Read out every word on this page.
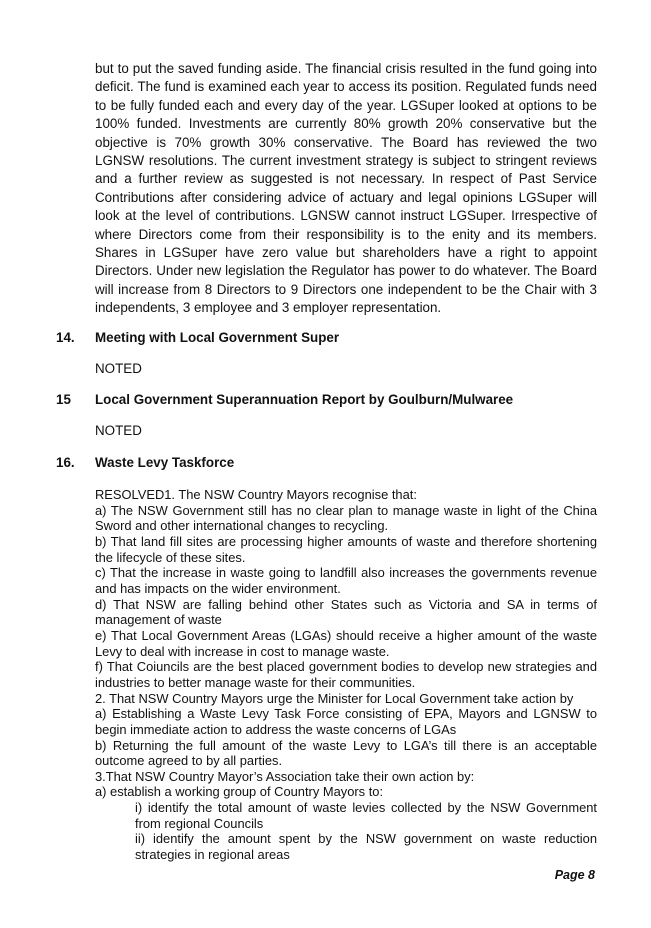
but to put the saved funding aside. The financial crisis resulted in the fund going into deficit. The fund is examined each year to access its position. Regulated funds need to be fully funded each and every day of the year. LGSuper looked at options to be 100% funded. Investments are currently 80% growth 20% conservative but the objective is 70% growth 30% conservative. The Board has reviewed the two LGNSW resolutions. The current investment strategy is subject to stringent reviews and a further review as suggested is not necessary. In respect of Past Service Contributions after considering advice of actuary and legal opinions LGSuper will look at the level of contributions. LGNSW cannot instruct LGSuper. Irrespective of where Directors come from their responsibility is to the enity and its members. Shares in LGSuper have zero value but shareholders have a right to appoint Directors. Under new legislation the Regulator has power to do whatever. The Board will increase from 8 Directors to 9 Directors one independent to be the Chair with 3 independents, 3 employee and 3 employer representation.

14. Meeting with Local Government Super
NOTED
15 Local Government Superannuation Report by Goulburn/Mulwaree
NOTED
16. Waste Levy Taskforce

RESOLVED1. The NSW Country Mayors recognise that:

a) The NSW Government still has no clear plan to manage waste in light of the China Sword and other international changes to recycling.

b) That land fill sites are processing higher amounts of waste and therefore shortening the lifecycle of these sites.

c) That the increase in waste going to landfill also increases the governments revenue and has impacts on the wider environment.

d) That NSW are falling behind other States such as Victoria and SA in terms of management of waste

e) That Local Government Areas (LGAs) should receive a higher amount of the waste Levy to deal with increase in cost to manage waste.

f) That Coiuncils are the best placed government bodies to develop new strategies and industries to better manage waste for their communities.

2. That NSW Country Mayors urge the Minister for Local Government take action by

a) Establishing a Waste Levy Task Force consisting of EPA, Mayors and LGNSW to begin immediate action to address the waste concerns of LGAs

b) Returning the full amount of the waste Levy to LGA’s till there is an acceptable outcome agreed to by all parties.

3.That NSW Country Mayor’s Association take their own action by:

a) establish a working group of Country Mayors to:

i) identify the total amount of waste levies collected by the NSW Government from regional Councils

ii) identify the amount spent by the NSW government on waste reduction strategies in regional areas

Page 8
